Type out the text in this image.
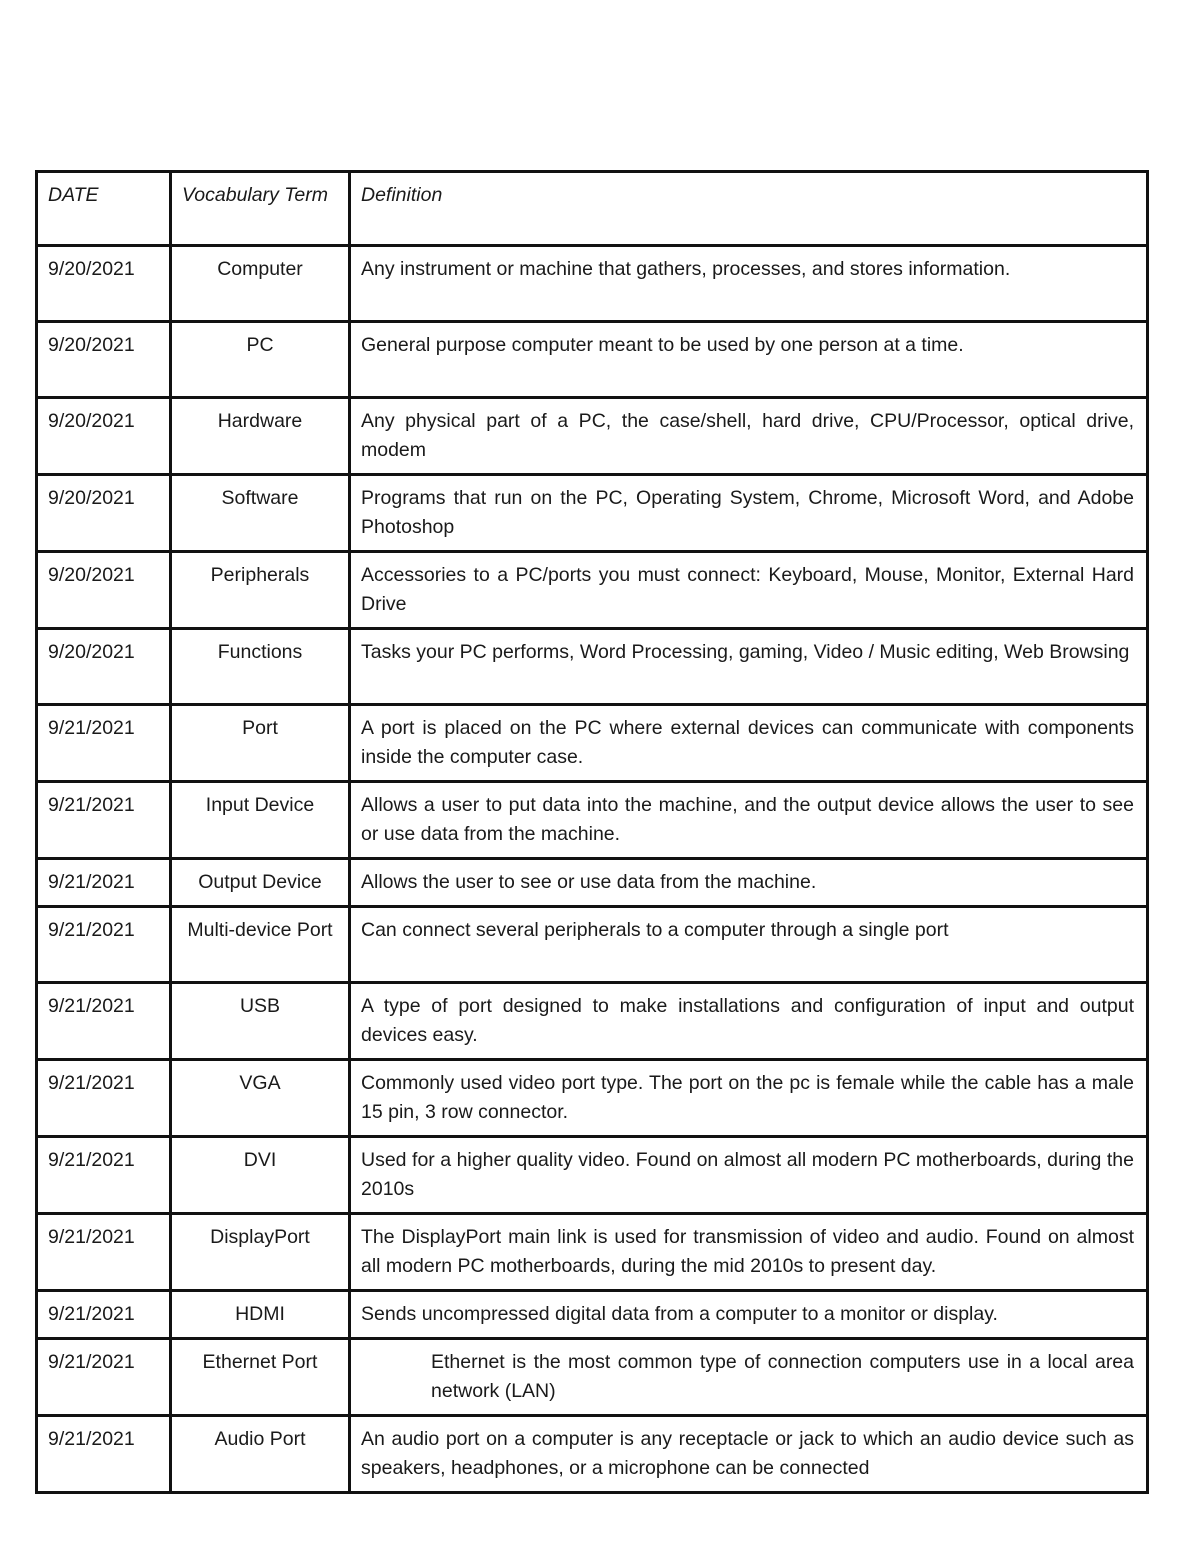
DATE	Vocabulary Term	Definition
9/20/2021	Computer	Any instrument or machine that gathers, processes, and stores information.
9/20/2021	PC	General purpose computer meant to be used by one person at a time.
9/20/2021	Hardware	Any physical part of a PC, the case/shell, hard drive, CPU/Processor, optical drive, modem
9/20/2021	Software	Programs that run on the PC, Operating System, Chrome, Microsoft Word, and Adobe Photoshop
9/20/2021	Peripherals	Accessories to a PC/ports you must connect: Keyboard, Mouse, Monitor, External Hard Drive
9/20/2021	Functions	Tasks your PC performs, Word Processing, gaming, Video / Music editing, Web Browsing
9/21/2021	Port	A port is placed on the PC where external devices can communicate with components inside the computer case.
9/21/2021	Input Device	Allows a user to put data into the machine, and the output device allows the user to see or use data from the machine.
9/21/2021	Output Device	Allows the user to see or use data from the machine.
9/21/2021	Multi-device Port	Can connect several peripherals to a computer through a single port
9/21/2021	USB	A type of port designed to make installations and configuration of input and output devices easy.
9/21/2021	VGA	Commonly used video port type. The port on the pc is female while the cable has a male 15 pin, 3 row connector.
9/21/2021	DVI	Used for a higher quality video. Found on almost all modern PC motherboards, during the 2010s
9/21/2021	DisplayPort	The DisplayPort main link is used for transmission of video and audio. Found on almost all modern PC motherboards, during the mid 2010s to present day.
9/21/2021	HDMI	Sends uncompressed digital data from a computer to a monitor or display.
9/21/2021	Ethernet Port	Ethernet is the most common type of connection computers use in a local area network (LAN)
9/21/2021	Audio Port	An audio port on a computer is any receptacle or jack to which an audio device such as speakers, headphones, or a microphone can be connected
